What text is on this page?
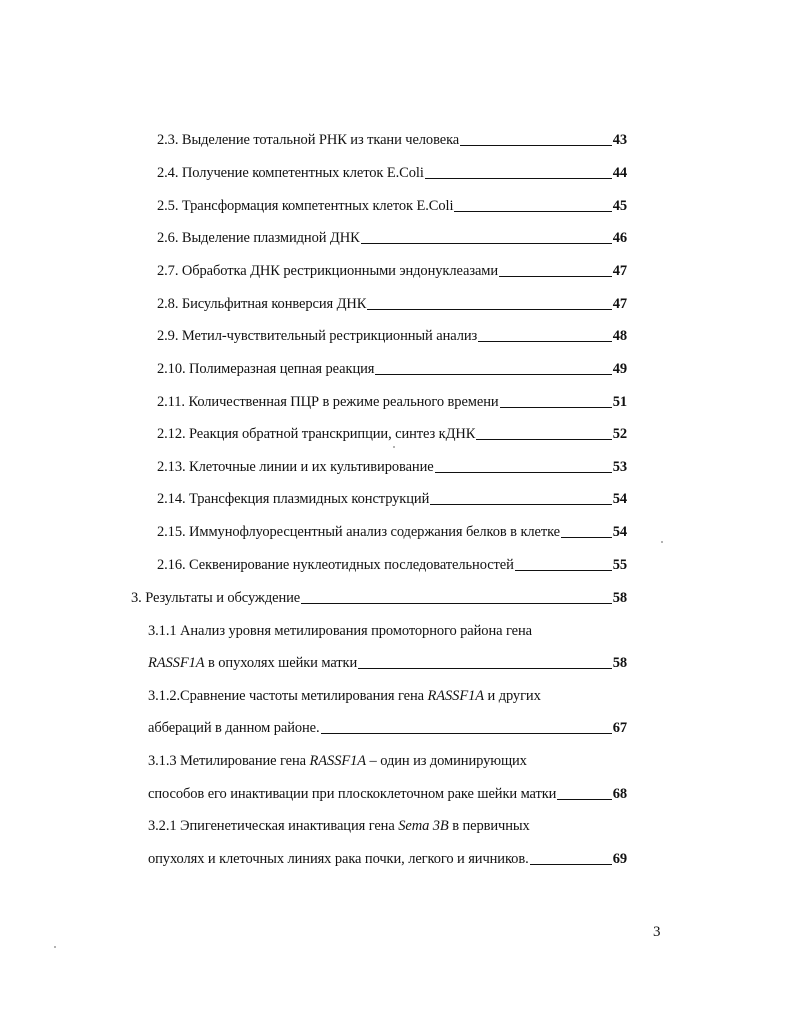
2.3. Выделение тотальной РНК из ткани человека	43
2.4. Получение компетентных клеток E.Coli	44
2.5. Трансформация компетентных клеток E.Coli	45
2.6. Выделение плазмидной ДНК	46
2.7. Обработка ДНК рестрикционными эндонуклеазами	47
2.8. Бисульфитная конверсия ДНК	47
2.9. Метил-чувствительный рестрикционный анализ	48
2.10. Полимеразная цепная реакция	49
2.11. Количественная ПЦР в режиме реального времени	51
2.12. Реакция обратной транскрипции, синтез кДНК	52
2.13. Клеточные линии и их культивирование	53
2.14. Трансфекция плазмидных конструкций	54
2.15. Иммунофлуоресцентный анализ содержания белков в клетке	54
2.16. Секвенирование нуклеотидных последовательностей	55
3. Результаты и обсуждение	58
3.1.1 Анализ уровня метилирования промоторного района гена
RASSF1A в опухолях шейки матки	58
3.1.2.Сравнение частоты метилирования гена RASSF1A и других
аббераций в данном районе.	67
3.1.3 Метилирование гена RASSF1A – один из доминирующих
способов его инактивации при плоскоклеточном раке шейки матки	68
3.2.1 Эпигенетическая инактивация гена Sema 3B в первичных
опухолях и клеточных линиях рака почки, легкого и яичников.	69
3
